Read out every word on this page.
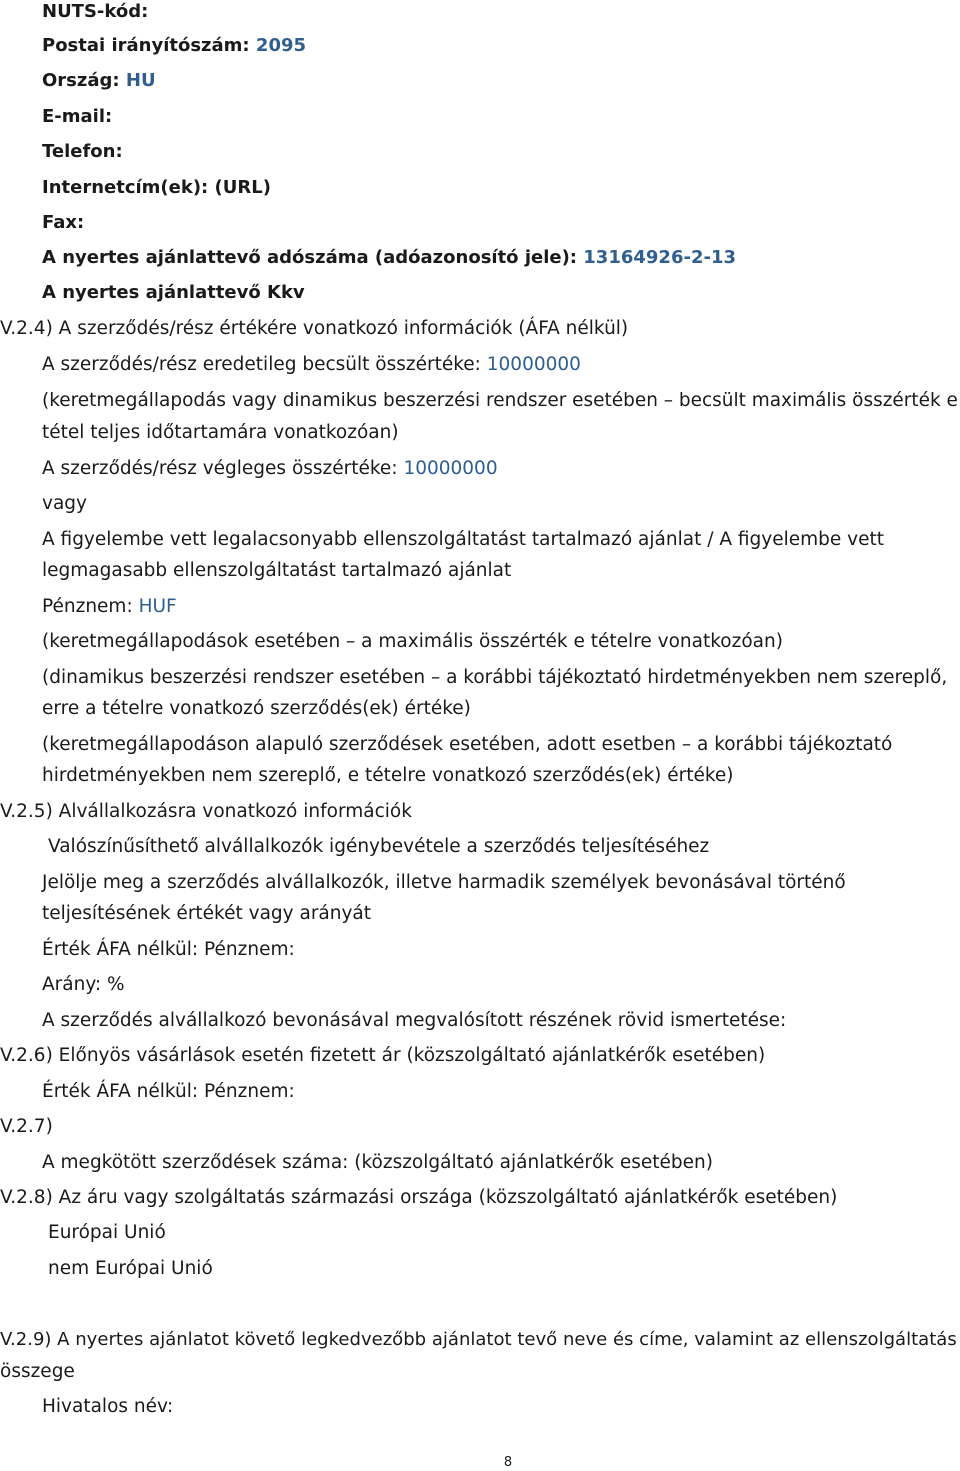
NUTS-kód:
Postai irányítószám: 2095
Ország: HU
E-mail:
Telefon:
Internetcím(ek): (URL)
Fax:
A nyertes ajánlattevő adószáma (adóazonosító jele): 13164926-2-13
A nyertes ajánlattevő Kkv
V.2.4) A szerződés/rész értékére vonatkozó információk (ÁFA nélkül)
A szerződés/rész eredetileg becsült összértéke: 10000000
(keretmegállapodás vagy dinamikus beszerzési rendszer esetében – becsült maximális összérték e
tétel teljes időtartamára vonatkozóan)
A szerződés/rész végleges összértéke: 10000000
vagy
A figyelembe vett legalacsonyabb ellenszolgáltatást tartalmazó ajánlat / A figyelembe vett
legmagasabb ellenszolgáltatást tartalmazó ajánlat
Pénznem: HUF
(keretmegállapodások esetében – a maximális összérték e tételre vonatkozóan)
(dinamikus beszerzési rendszer esetében – a korábbi tájékoztató hirdetményekben nem szereplő,
erre a tételre vonatkozó szerződés(ek) értéke)
(keretmegállapodáson alapuló szerződések esetében, adott esetben – a korábbi tájékoztató
hirdetményekben nem szereplő, e tételre vonatkozó szerződés(ek) értéke)
V.2.5) Alvállalkozásra vonatkozó információk
Valószínűsíthető alvállalkozók igénybevétele a szerződés teljesítéséhez
Jelölje meg a szerződés alvállalkozók, illetve harmadik személyek bevonásával történő
teljesítésének értékét vagy arányát
Érték ÁFA nélkül: Pénznem:
Arány: %
A szerződés alvállalkozó bevonásával megvalósított részének rövid ismertetése:
V.2.6) Előnyös vásárlások esetén fizetett ár (közszolgáltató ajánlatkérők esetében)
Érték ÁFA nélkül: Pénznem:
V.2.7)
A megkötött szerződések száma: (közszolgáltató ajánlatkérők esetében)
V.2.8) Az áru vagy szolgáltatás származási országa (közszolgáltató ajánlatkérők esetében)
Európai Unió
nem Európai Unió
V.2.9) A nyertes ajánlatot követő legkedvezőbb ajánlatot tevő neve és címe, valamint az ellenszolgáltatás
összege
Hivatalos név:
8
